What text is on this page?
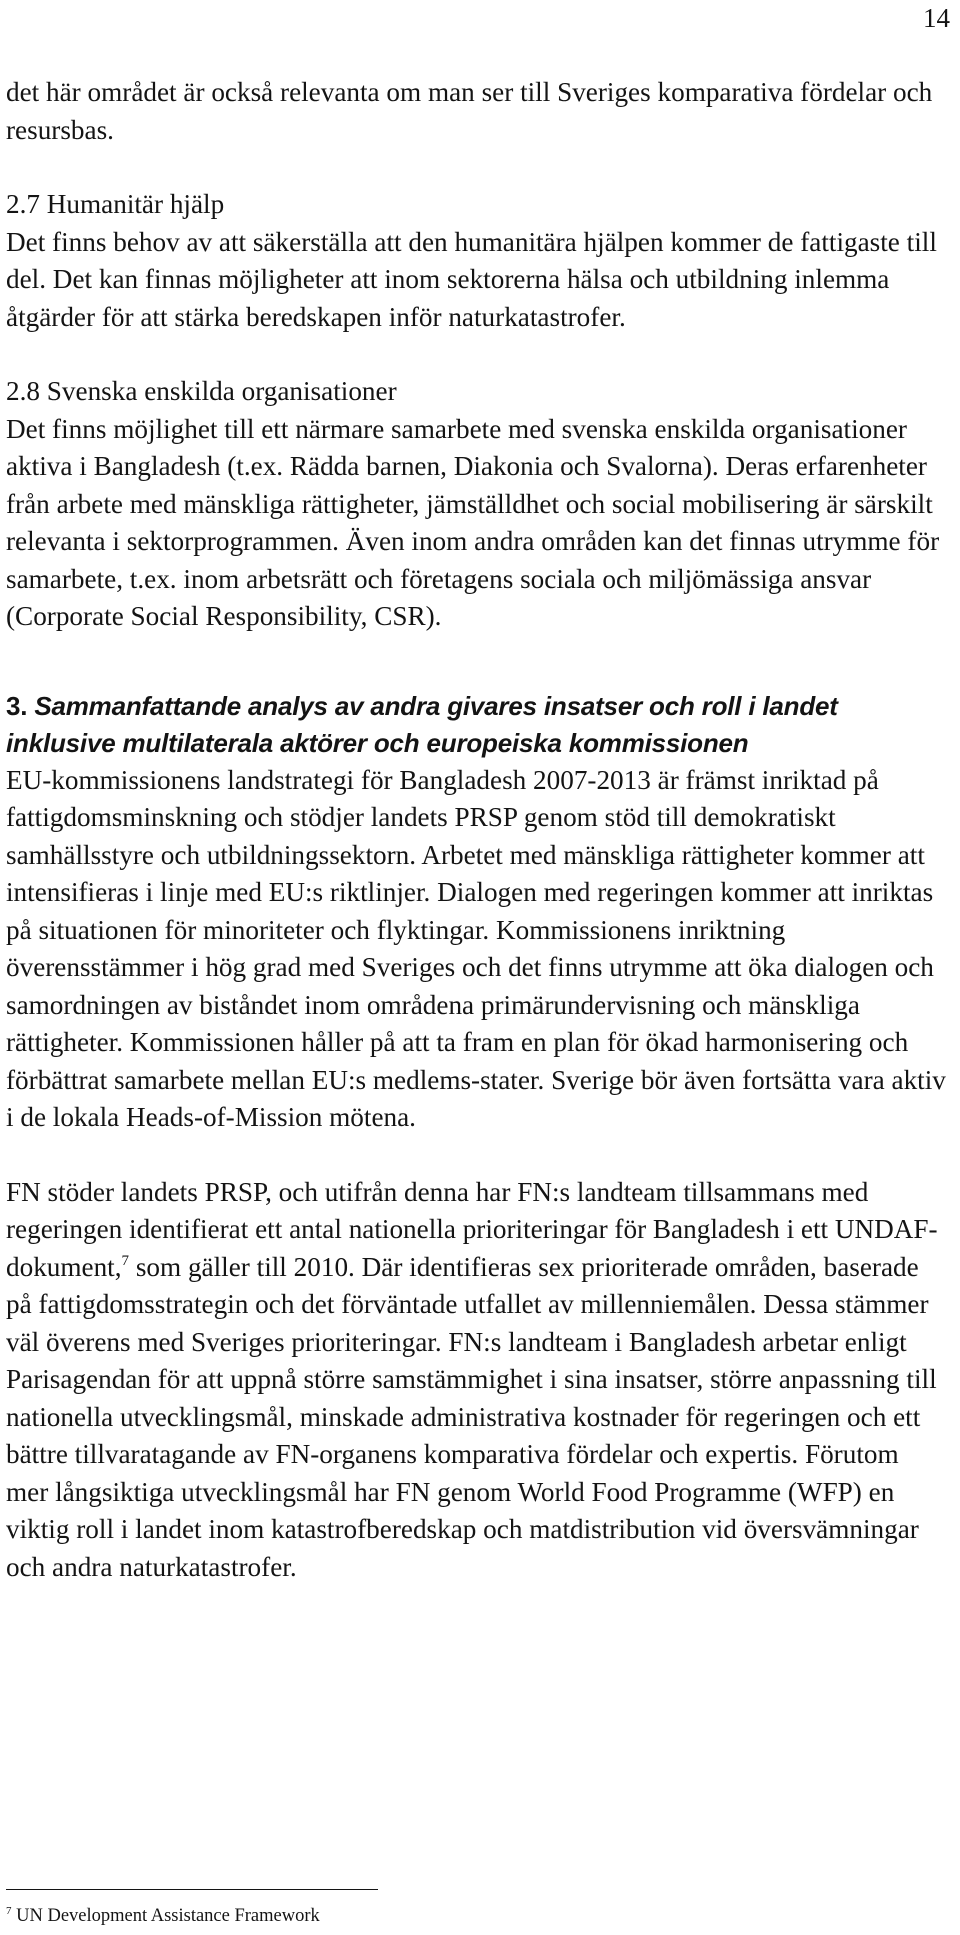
14

det här området är också relevanta om man ser till Sveriges komparativa fördelar och resursbas.

2.7 Humanitär hjälp
Det finns behov av att säkerställa att den humanitära hjälpen kommer de fattigaste till del. Det kan finnas möjligheter att inom sektorerna hälsa och utbildning inlemma åtgärder för att stärka beredskapen inför naturkatastrofer.
2.8 Svenska enskilda organisationer
Det finns möjlighet till ett närmare samarbete med svenska enskilda organisationer aktiva i Bangladesh (t.ex. Rädda barnen, Diakonia och Svalorna). Deras erfarenheter från arbete med mänskliga rättigheter, jämställdhet och social mobilisering är särskilt relevanta i sektorprogrammen. Även inom andra områden kan det finnas utrymme för samarbete, t.ex. inom arbetsrätt och företagens sociala och miljömässiga ansvar (Corporate Social Responsibility, CSR).
3. Sammanfattande analys av andra givares insatser och roll i landet
inklusive multilaterala aktörer och europeiska kommissionen

EU-kommissionens landstrategi för Bangladesh 2007-2013 är främst inriktad på fattigdomsminskning och stödjer landets PRSP genom stöd till demokratiskt samhällsstyre och utbildningssektorn. Arbetet med mänskliga rättigheter kommer att intensifieras i linje med EU:s riktlinjer. Dialogen med regeringen kommer att inriktas på situationen för minoriteter och flyktingar. Kommissionens inriktning överensstämmer i hög grad med Sveriges och det finns utrymme att öka dialogen och samordningen av biståndet inom områdena primärundervisning och mänskliga rättigheter. Kommissionen håller på att ta fram en plan för ökad harmonisering och förbättrat samarbete mellan EU:s medlems-stater. Sverige bör även fortsätta vara aktiv i de lokala Heads-of-Mission mötena.

FN stöder landets PRSP, och utifrån denna har FN:s landteam tillsammans med regeringen identifierat ett antal nationella prioriteringar för Bangladesh i ett UNDAF-dokument,$^7$ som gäller till 2010. Där identifieras sex prioriterade områden, baserade på fattigdomsstrategin och det förväntade utfallet av millenniemålen. Dessa stämmer väl överens med Sveriges prioriteringar. FN:s landteam i Bangladesh arbetar enligt Parisagendan för att uppnå större samstämmighet i sina insatser, större anpassning till nationella utvecklingsmål, minskade administrativa kostnader för regeringen och ett bättre tillvaratagande av FN-organens komparativa fördelar och expertis. Förutom mer långsiktiga utvecklingsmål har FN genom World Food Programme (WFP) en viktig roll i landet inom katastrofberedskap och matdistribution vid översvämningar och andra naturkatastrofer.

$^7$ UN Development Assistance Framework
